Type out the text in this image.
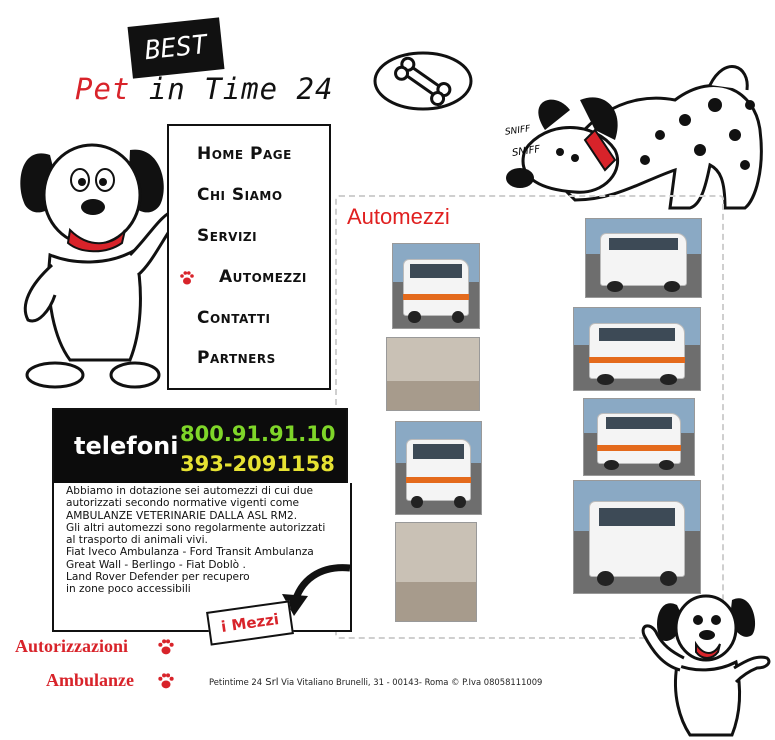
BEST
Pet in Time 24
SNIFF
SNIFF
Home Page
Chi Siamo
Servizi
Automezzi
Contatti
Partners
Automezzi
telefoni 800.91.91.10
393-2091158

Abbiamo in dotazione sei automezzi di cui due

autorizzati secondo normative vigenti come

AMBULANZE VETERINARIE DALLA ASL RM2.

Gli altri automezzi sono regolarmente autorizzati

al trasporto di animali vivi.

Fiat Iveco Ambulanza - Ford Transit Ambulanza

Great Wall - Berlingo - Fiat Doblò .

Land Rover Defender per recupero

in zone poco accessibili

i Mezzi
Autorizzazioni
Ambulanze	Petintime 24 Srl Via Vitaliano Brunelli, 31 - 00143- Roma © P.Iva 08058111009
